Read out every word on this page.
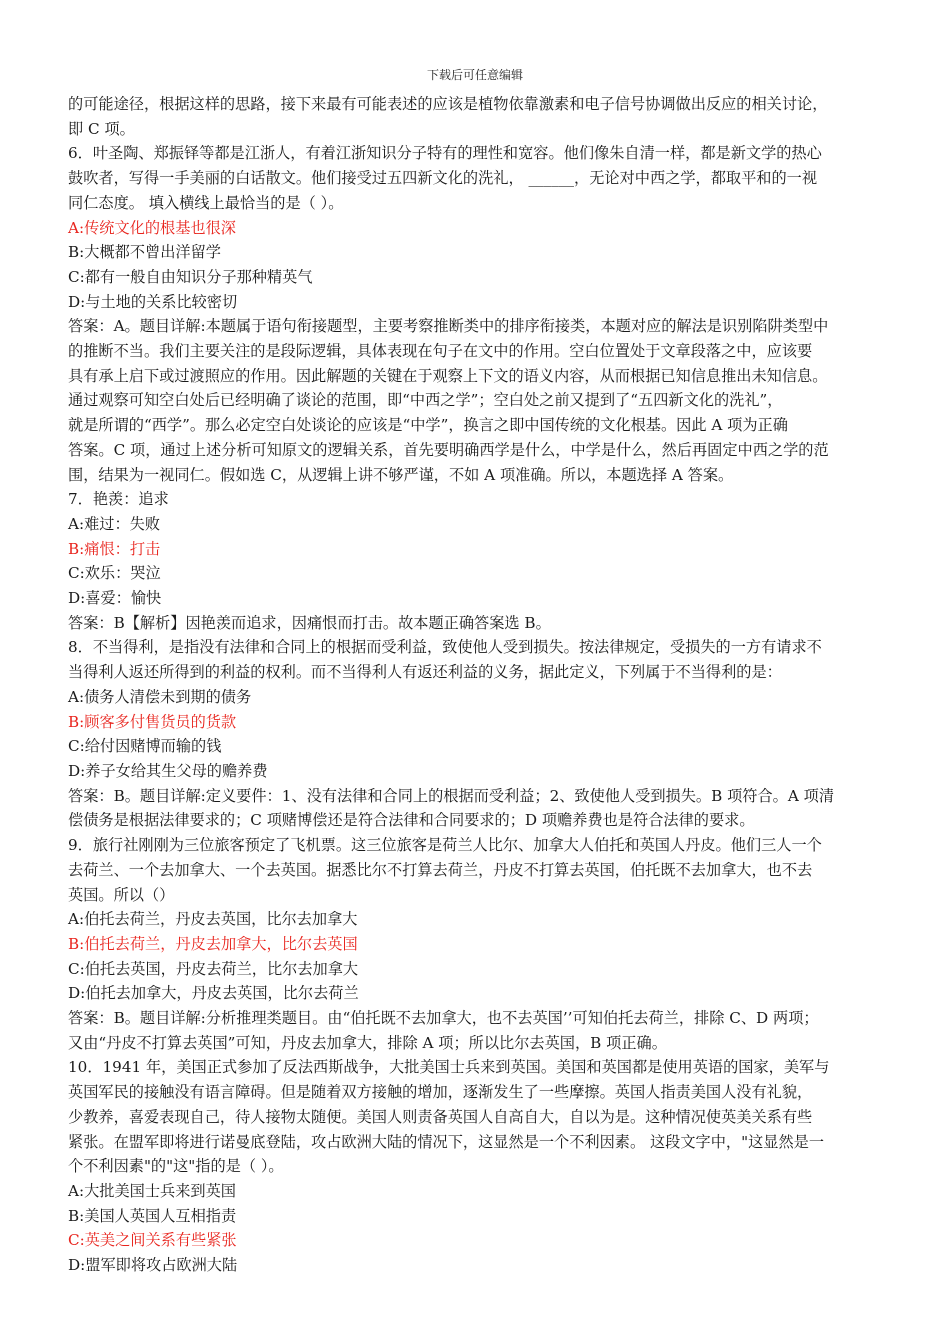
下载后可任意编辑

的可能途径，根据这样的思路，接下来最有可能表述的应该是植物依靠激素和电子信号协调做出反应的相关讨论，

即 C 项。

6．叶圣陶、郑振铎等都是江浙人，有着江浙知识分子特有的理性和宽容。他们像朱自清一样，都是新文学的热心

鼓吹者，写得一手美丽的白话散文。他们接受过五四新文化的洗礼， ______，无论对中西之学，都取平和的一视

同仁态度。 填入横线上最恰当的是（ ）。

A:传统文化的根基也很深

B:大概都不曾出洋留学

C:都有一般自由知识分子那种精英气

D:与土地的关系比较密切

答案：A。题目详解:本题属于语句衔接题型，主要考察推断类中的排序衔接类，本题对应的解法是识别陷阱类型中

的推断不当。我们主要关注的是段际逻辑，具体表现在句子在文中的作用。空白位置处于文章段落之中，应该要

具有承上启下或过渡照应的作用。因此解题的关键在于观察上下文的语义内容，从而根据已知信息推出未知信息。

通过观察可知空白处后已经明确了谈论的范围，即“中西之学”；空白处之前又提到了“五四新文化的洗礼”，

就是所谓的“西学”。那么必定空白处谈论的应该是“中学”，换言之即中国传统的文化根基。因此 A 项为正确

答案。C 项，通过上述分析可知原文的逻辑关系，首先要明确西学是什么，中学是什么，然后再固定中西之学的范

围，结果为一视同仁。假如选 C，从逻辑上讲不够严谨，不如 A 项准确。所以，本题选择 A 答案。

7．艳羡：追求

A:难过：失败

B:痛恨：打击

C:欢乐：哭泣

D:喜爱：愉快

答案：B【解析】因艳羡而追求，因痛恨而打击。故本题正确答案选 B。

8．不当得利，是指没有法律和合同上的根据而受利益，致使他人受到损失。按法律规定，受损失的一方有请求不

当得利人返还所得到的利益的权利。而不当得利人有返还利益的义务，据此定义，下列属于不当得利的是：

A:债务人清偿未到期的债务

B:顾客多付售货员的货款

C:给付因赌博而输的钱

D:养子女给其生父母的赡养费

答案：B。题目详解:定义要件：1、没有法律和合同上的根据而受利益；2、致使他人受到损失。B 项符合。A 项清

偿债务是根据法律要求的；C 项赌博偿还是符合法律和合同要求的；D 项赡养费也是符合法律的要求。

9．旅行社刚刚为三位旅客预定了飞机票。这三位旅客是荷兰人比尔、加拿大人伯托和英国人丹皮。他们三人一个

去荷兰、一个去加拿大、一个去英国。据悉比尔不打算去荷兰，丹皮不打算去英国，伯托既不去加拿大，也不去

英国。所以（）

A:伯托去荷兰，丹皮去英国，比尔去加拿大

B:伯托去荷兰，丹皮去加拿大，比尔去英国

C:伯托去英国，丹皮去荷兰，比尔去加拿大

D:伯托去加拿大，丹皮去英国，比尔去荷兰

答案：B。题目详解:分析推理类题目。由“伯托既不去加拿大，也不去英国’’可知伯托去荷兰，排除 C、D 两项；

又由“丹皮不打算去英国”可知，丹皮去加拿大，排除 A 项；所以比尔去英国，B 项正确。

10．1941 年，美国正式参加了反法西斯战争，大批美国士兵来到英国。美国和英国都是使用英语的国家，美军与

英国军民的接触没有语言障碍。但是随着双方接触的增加，逐渐发生了一些摩擦。英国人指责美国人没有礼貌，

少教养，喜爱表现自己，待人接物太随便。美国人则责备英国人自高自大，自以为是。这种情况使英美关系有些

紧张。在盟军即将进行诺曼底登陆，攻占欧洲大陆的情况下，这显然是一个不利因素。 这段文字中，"这显然是一

个不利因素"的"这"指的是（ ）。

A:大批美国士兵来到英国

B:美国人英国人互相指责

C:英美之间关系有些紧张

D:盟军即将攻占欧洲大陆
